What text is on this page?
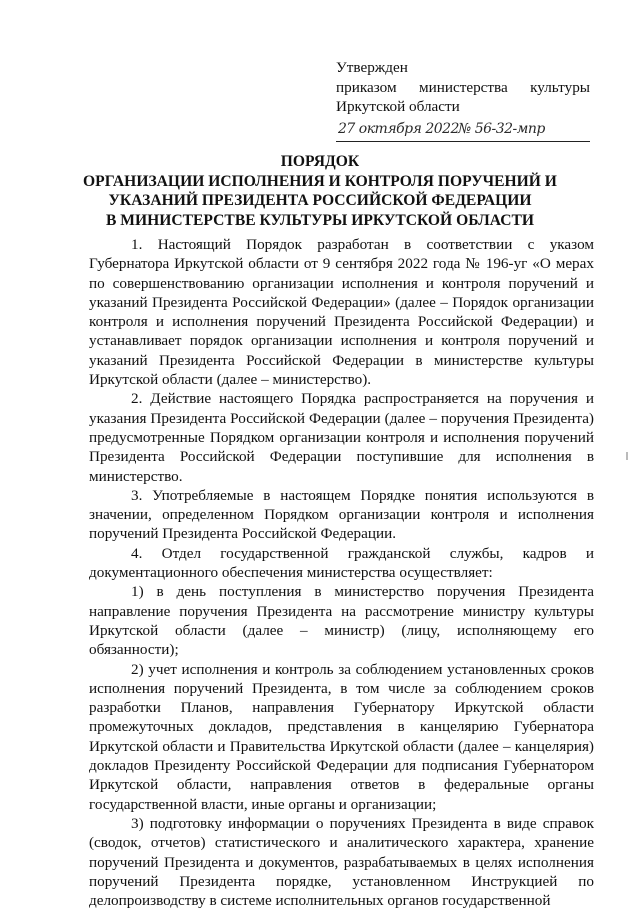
Утвержден
приказом министерства культуры
Иркутской области
27 октября 2022 № 56-32-мпр
ПОРЯДОК
ОРГАНИЗАЦИИ ИСПОЛНЕНИЯ И КОНТРОЛЯ ПОРУЧЕНИЙ И
УКАЗАНИЙ ПРЕЗИДЕНТА РОССИЙСКОЙ ФЕДЕРАЦИИ
В МИНИСТЕРСТВЕ КУЛЬТУРЫ ИРКУТСКОЙ ОБЛАСТИ

1. Настоящий Порядок разработан в соответствии с указом Губернатора Иркутской области от 9 сентября 2022 года № 196-уг «О мерах по совершенствованию организации исполнения и контроля поручений и указаний Президента Российской Федерации» (далее – Порядок организации контроля и исполнения поручений Президента Российской Федерации) и устанавливает порядок организации исполнения и контроля поручений и указаний Президента Российской Федерации в министерстве культуры Иркутской области (далее – министерство).

2. Действие настоящего Порядка распространяется на поручения и указания Президента Российской Федерации (далее – поручения Президента) предусмотренные Порядком организации контроля и исполнения поручений Президента Российской Федерации поступившие для исполнения в министерство.

3. Употребляемые в настоящем Порядке понятия используются в значении, определенном Порядком организации контроля и исполнения поручений Президента Российской Федерации.

4. Отдел государственной гражданской службы, кадров и документационного обеспечения министерства осуществляет:

1) в день поступления в министерство поручения Президента направление поручения Президента на рассмотрение министру культуры Иркутской области (далее – министр) (лицу, исполняющему его обязанности);

2) учет исполнения и контроль за соблюдением установленных сроков исполнения поручений Президента, в том числе за соблюдением сроков разработки Планов, направления Губернатору Иркутской области промежуточных докладов, представления в канцелярию Губернатора Иркутской области и Правительства Иркутской области (далее – канцелярия) докладов Президенту Российской Федерации для подписания Губернатором Иркутской области, направления ответов в федеральные органы государственной власти, иные органы и организации;

3) подготовку информации о поручениях Президента в виде справок (сводок, отчетов) статистического и аналитического характера, хранение поручений Президента и документов, разрабатываемых в целях исполнения поручений Президента порядке, установленном Инструкцией по делопроизводству в системе исполнительных органов государственной
